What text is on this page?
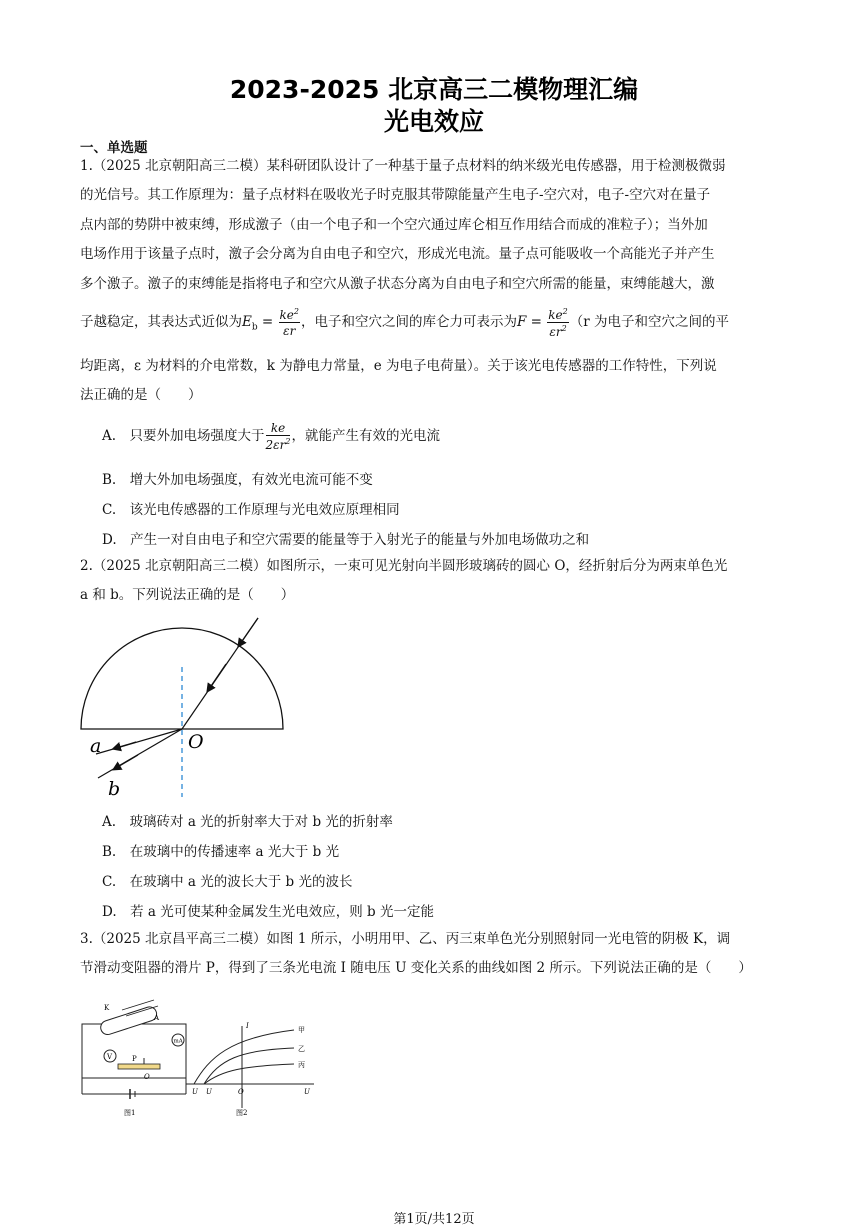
2023-2025 北京高三二模物理汇编
光电效应
一、单选题
1.（2025 北京朝阳高三二模）某科研团队设计了一种基于量子点材料的纳米级光电传感器，用于检测极微弱
的光信号。其工作原理为：量子点材料在吸收光子时克服其带隙能量产生电子-空穴对，电子-空穴对在量子
点内部的势阱中被束缚，形成激子（由一个电子和一个空穴通过库仑相互作用结合而成的准粒子）；当外加
电场作用于该量子点时，激子会分离为自由电子和空穴，形成光电流。量子点可能吸收一个高能光子并产生
多个激子。激子的束缚能是指将电子和空穴从激子状态分离为自由电子和空穴所需的能量，束缚能越大，激
子越稳定，其表达式近似为$E_b = \frac{ke^2}{\varepsilon r}$ ，电子和空穴之间的库仑力可表示为$F = \frac{ke^2}{\varepsilon r^2} (r$ 为电子和空穴之间的平
均距离，ε 为材料的介电常数，k 为静电力常量，e 为电子电荷量）。关于该光电传感器的工作特性，下列说
法正确的是（　　）
A.　只要外加电场强度大于 $\frac{ke}{2\varepsilon r^2}$ ，就能产生有效的光电流
B.　增大外加电场强度，有效光电流可能不变
C.　该光电传感器的工作原理与光电效应原理相同
D.　产生一对自由电子和空穴需要的能量等于入射光子的能量与外加电场做功之和
2.（2025 北京朝阳高三二模）如图所示，一束可见光射向半圆形玻璃砖的圆心 O，经折射后分为两束单色光
a 和 b。下列说法正确的是（　　）
a
b
O
A.　玻璃砖对 a 光的折射率大于对 b 光的折射率
B.　在玻璃中的传播速率 a 光大于 b 光
C.　在玻璃中 a 光的波长大于 b 光的波长
D.　若 a 光可使某种金属发生光电效应，则 b 光一定能
3.（2025 北京昌平高三二模）如图 1 所示，小明用甲、乙、丙三束单色光分别照射同一光电管的阴极 K，调
节滑动变阻器的滑片 P，得到了三条光电流 I 随电压 U 变化关系的曲线如图 2 所示。下列说法正确的是（　　）
mA
V
K
A
P
O
图1
I	甲
乙
丙
U U	O	U
图2
第1页/共12页
